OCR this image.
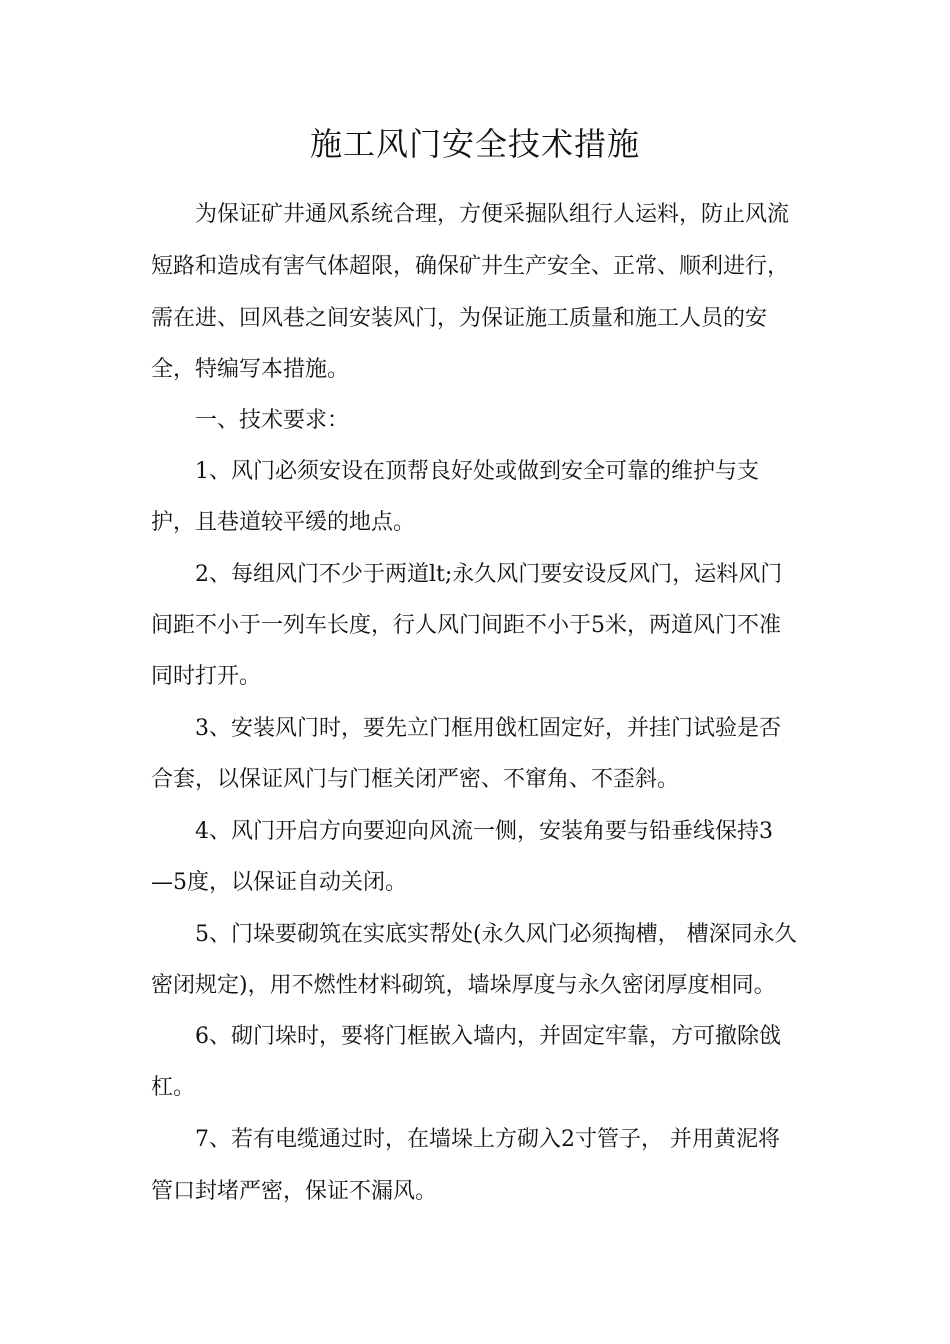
施工风门安全技术措施
为保证矿井通风系统合理，方便采掘队组行人运料，防止风流
短路和造成有害气体超限，确保矿井生产安全、正常、顺利进行，
需在进、回风巷之间安装风门，为保证施工质量和施工人员的安
全，特编写本措施。
一、技术要求：
1、风门必须安设在顶帮良好处或做到安全可靠的维护与支
护，且巷道较平缓的地点。
2、每组风门不少于两道lt;永久风门要安设反风门，运料风门
间距不小于一列车长度，行人风门间距不小于5米，两道风门不准
同时打开。
3、安装风门时，要先立门框用戗杠固定好，并挂门试验是否
合套，以保证风门与门框关闭严密、不窜角、不歪斜。
4、风门开启方向要迎向风流一侧，安装角要与铅垂线保持3
—5度，以保证自动关闭。
5、门垛要砌筑在实底实帮处(永久风门必须掏槽， 槽深同永久
密闭规定)，用不燃性材料砌筑，墙垛厚度与永久密闭厚度相同。
6、砌门垛时，要将门框嵌入墙内，并固定牢靠，方可撤除戗
杠。
7、若有电缆通过时，在墙垛上方砌入2寸管子， 并用黄泥将
管口封堵严密，保证不漏风。
